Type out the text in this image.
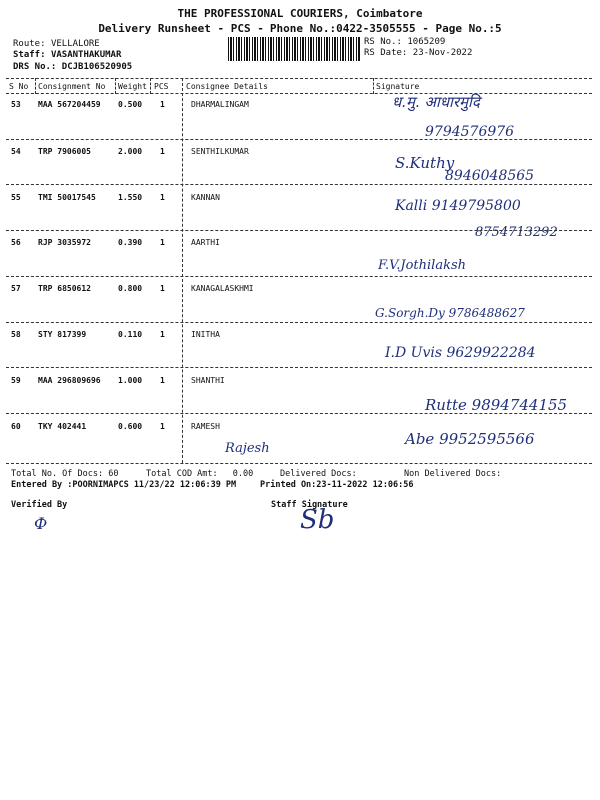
THE PROFESSIONAL COURIERS, Coimbatore
Delivery Runsheet - PCS - Phone No.:0422-3505555 - Page No.:5
Route: VELLALORE
Staff: VASANTHAKUMAR
DRS No.: DCJB106520905
RS No.: 1065209
RS Date: 23-Nov-2022
S No Consignment No Weight PCS Consignee Details	Signature
53 MAA 567204459 0.500 1	DHARMALINGAM	ध.मु. आधारमुदि
9794576976
54 TRP 7906005	2.000 1	SENTHILKUMAR
S.Kuthy
8946048565
55 TMI 50017545	1.550 1	KANNAN
Kalli 9149795800
8754713292
56 RJP 3035972	0.390 1	AARTHI
F.V.Jothilaksh
57 TRP 6850612	0.800 1	KANAGALASKHMI
G.Sorgh.Dy 9786488627
58 STY 817399	0.110 1	INITHA
I.D Uvis 9629922284
59 MAA 296809696 1.000 1	SHANTHI
Rutte 9894744155
60 TKY 402441	0.600 1	RAMESH
Rajesh
Abe 9952595566
Total No. Of Docs: 60	Total COD Amt: 0.00	Delivered Docs:	Non Delivered Docs:
Entered By :POORNIMAPCS 11/23/22 12:06:39 PM	Printed On:23-11-2022 12:06:56
Verified By	Staff Signature
Ф	Sb
